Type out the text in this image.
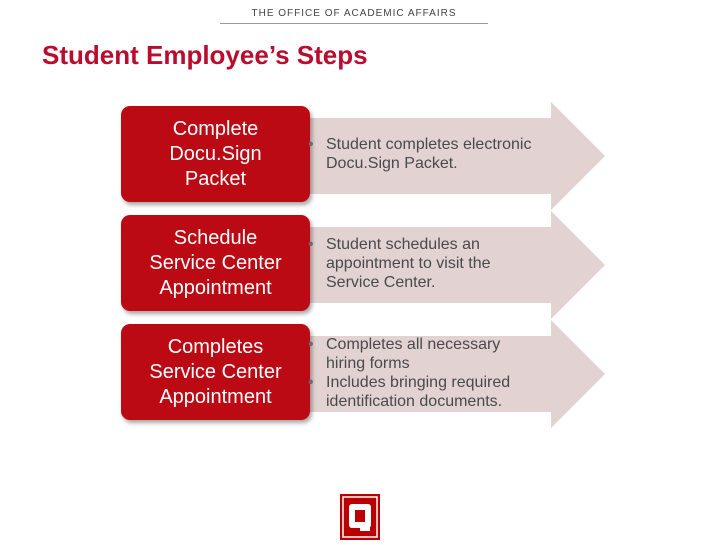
THE OFFICE OF ACADEMIC AFFAIRS
Student Employee’s Steps
Complete
Docu.Sign
Packet
• Student completes electronic Docu.Sign Packet.
Schedule
Service Center
Appointment
• Student schedules an appointment to visit the Service Center.
Completes
Service Center
Appointment
• Completes all necessary hiring forms
• Includes bringing required identification documents.
